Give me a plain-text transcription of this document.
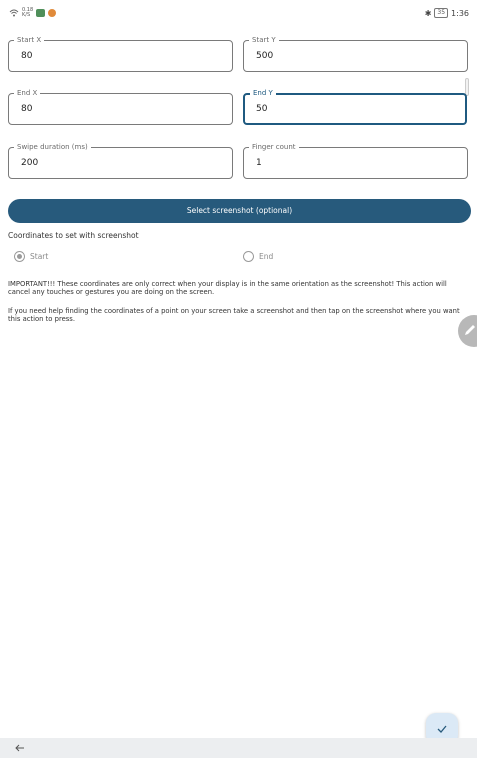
0.18
K/S	✱	35 1:36
Start X
80
Start Y
500
End X
80
End Y
50
Swipe duration (ms)
200
Finger count
1
Select screenshot (optional)
Coordinates to set with screenshot
Start	End

IMPORTANT!!! These coordinates are only correct when your display is in the same orientation as the screenshot! This action will cancel any touches or gestures you are doing on the screen.

If you need help finding the coordinates of a point on your screen take a screenshot and then tap on the screenshot where you want this action to press.
